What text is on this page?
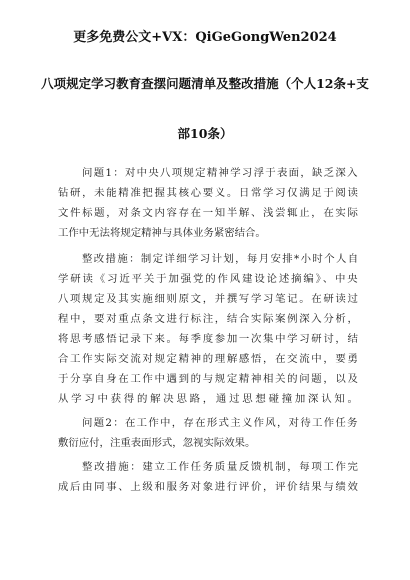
更多免费公文+VX：QiGeGongWen2024
八项规定学习教育查摆问题清单及整改措施（个人12条+支
部10条）
问题1：对中央八项规定精神学习浮于表面，缺乏深入
钻研，未能精准把握其核心要义。日常学习仅满足于阅读
文件标题，对条文内容存在一知半解、浅尝辄止，在实际
工作中无法将规定精神与具体业务紧密结合。
整改措施：制定详细学习计划，每月安排*小时个人自
学研读《习近平关于加强党的作风建设论述摘编》、中央
八项规定及其实施细则原文，并撰写学习笔记。在研读过
程中，要对重点条文进行标注，结合实际案例深入分析，
将思考感悟记录下来。每季度参加一次集中学习研讨，结
合工作实际交流对规定精神的理解感悟，在交流中，要勇
于分享自身在工作中遇到的与规定精神相关的问题，以及
从学习中获得的解决思路，通过思想碰撞加深认知。
问题2：在工作中，存在形式主义作风，对待工作任务
敷衍应付，注重表面形式，忽视实际效果。
整改措施：建立工作任务质量反馈机制，每项工作完
成后由同事、上级和服务对象进行评价，评价结果与绩效
